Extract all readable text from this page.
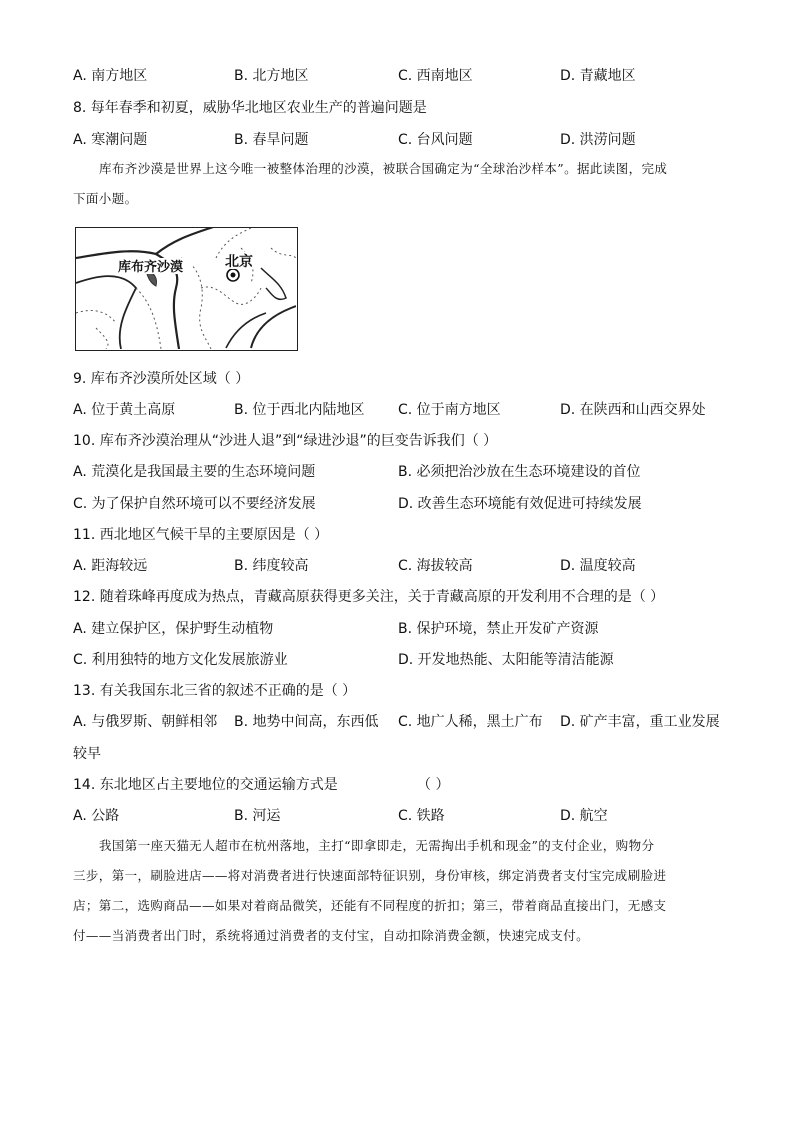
A. 南方地区	B. 北方地区	C. 西南地区	D. 青藏地区
8. 每年春季和初夏，威胁华北地区农业生产的普遍问题是
A. 寒潮问题	B. 春旱问题	C. 台风问题	D. 洪涝问题

库布齐沙漠是世界上这今唯一被整体治理的沙漠，被联合国确定为“全球治沙样本”。据此读图，完成

下面小题。

库布齐沙漠	北京
9. 库布齐沙漠所处区域（ ）
A. 位于黄土高原	B. 位于西北内陆地区 C. 位于南方地区	D. 在陕西和山西交界处
10. 库布齐沙漠治理从“沙进人退”到“绿进沙退”的巨变告诉我们（ ）
A. 荒漠化是我国最主要的生态环境问题	B. 必须把治沙放在生态环境建设的首位
C. 为了保护自然环境可以不要经济发展	D. 改善生态环境能有效促进可持续发展
11. 西北地区气候干旱的主要原因是（ ）
A. 距海较远	B. 纬度较高	C. 海拔较高	D. 温度较高
12. 随着珠峰再度成为热点，青藏高原获得更多关注，关于青藏高原的开发利用不合理的是（ ）
A. 建立保护区，保护野生动植物	B. 保护环境，禁止开发矿产资源
C. 利用独特的地方文化发展旅游业	D. 开发地热能、太阳能等清洁能源
13. 有关我国东北三省的叙述不正确的是（ ）
A. 与俄罗斯、朝鲜相邻 B. 地势中间高，东西低 C. 地广人稀，黑土广布 D. 矿产丰富，重工业发展
较早
14. 东北地区占主要地位的交通运输方式是	（ ）
A. 公路	B. 河运	C. 铁路	D. 航空

我国第一座天猫无人超市在杭州落地，主打“即拿即走，无需掏出手机和现金”的支付企业，购物分

三步，第一，刷脸进店——将对消费者进行快速面部特征识别，身份审核，绑定消费者支付宝完成刷脸进

店；第二，选购商品——如果对着商品微笑，还能有不同程度的折扣；第三，带着商品直接出门，无感支

付——当消费者出门时，系统将通过消费者的支付宝，自动扣除消费金额，快速完成支付。
